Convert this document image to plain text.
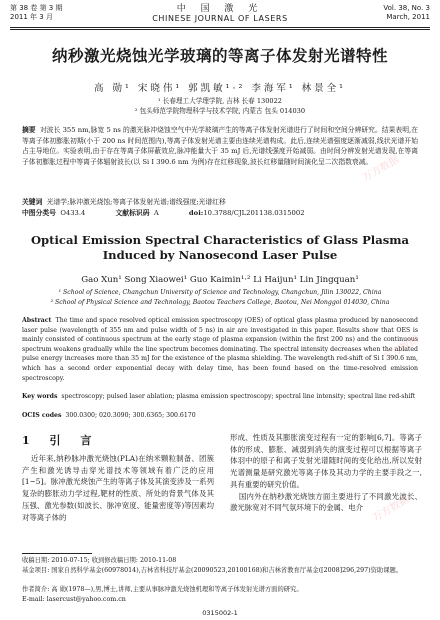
第 38 卷 第 3 期
2011 年 3 月
中 国 激 光
CHINESE JOURNAL OF LASERS
Vol. 38, No. 3
March, 2011
纳秒激光烧蚀光学玻璃的等离子体发射光谱特性
高 勋¹ 宋晓伟¹ 郭凯敏¹·² 李海军¹ 林景全¹
¹ 长春理工大学理学院, 吉林 长春 130022
² 包头师范学院物理科学与技术学院, 内蒙古 包头 014030
摘要 对波长 355 nm,脉宽 5 ns 的激光脉冲烧蚀空气中光学玻璃产生的等离子体发射光谱进行了时间和空间分辨研究。结果表明,在等离子体初膨胀初期(小于 200 ns 时间范围内),等离子体发射光谱主要由连续光谱构成。此后,连续光谱强度逐渐减弱,线状光谱开始占主导地位。实验表明,由于存在等离子体屏蔽效应,脉冲能量大于 35 mJ 后,光谱线强度开始减弱。由时间分辨发射光谱发现,在等离子体初膨胀过程中等离子体辐射波长(以 Si Ⅰ 390.6 nm 为例)存在红移现象,波长红移量随时间演化呈二次指数衰减。
关键词 光谱学;脉冲激光烧蚀;等离子体发射光谱;谱线强度;光谱红移
中图分类号 O433.4	文献标识码 A	doi:10.3788/CJL201138.0315002
Optical Emission Spectral Characteristics of Glass Plasma Induced by Nanosecond Laser Pulse
Gao Xun¹ Song Xiaowei¹ Guo Kaimin¹·² Li Haijun¹ Lin Jingquan¹
¹ School of Science, Changchun University of Science and Technology, Changchun, Jilin 130022, China
² School of Physical Science and Technology, Baotou Teachers College, Baotou, Nei Monggol 014030, China
Abstract The time and space resolved optical emission spectroscopy (OES) of optical glass plasma produced by nanosecond laser pulse (wavelength of 355 nm and pulse width of 5 ns) in air are investigated in this paper. Results show that OES is mainly consisted of continuous spectrum at the early stage of plasma expansion (within the first 200 ns) and the continuous spectrum weakens gradually while the line spectrum becomes dominating. The spectral intensity decreases when the ablated pulse energy increases more than 35 mJ for the existence of the plasma shielding. The wavelength red-shift of Si Ⅰ 390.6 nm, which has a second order exponential decay with delay time, has been found based on the time-resolved emission spectroscopy.
Key words spectroscopy; pulsed laser ablation; plasma emission spectroscopy; spectral line intensity; spectral line red-shift
OCIS codes 300.0300; 020.3090; 300.6365; 300.6170
1 引 言
近年来,纳秒脉冲激光烧蚀(PLA)在纳米颗粒制备、团簇产生和激光诱导击穿光谱技术等领域有着广泛的应用[1~5]。脉冲激光烧蚀产生的等离子体及其演变涉及一系列复杂的膨胀动力学过程,靶材的性质、所处的背景气体及其压强、激光参数(如波长、脉冲宽度、能量密度等)等因素均对等离子体的
形成、性质及其膨胀演变过程有一定的影响[6,7]。等离子体的形成、膨胀、减弱到消失的演变过程可以根据等离子体羽中的原子和离子发射光谱随时间的变化给出,所以发射光谱测量是研究激光等离子体及其动力学的主要手段之一,具有重要的研究价值。
国内外在纳秒激光烧蚀方面主要进行了不同激光波长、激光脉宽对不同气氛环境下的金属、电介
收稿日期: 2010-07-15; 收到修改稿日期: 2010-11-08
基金项目: 国家自然科学基金(60978014),吉林省科技厅基金(20090523,20100168)和吉林省教育厅基金([2008]296,297)资助课题。
作者简介: 高 勋(1978—),男,博士,讲师,主要从事脉冲激光烧蚀机理和等离子体发射光谱方面的研究。
E-mail: lasercust@yahoo.com.cn
0315002-1
万方数据
万方数据
万方数据
